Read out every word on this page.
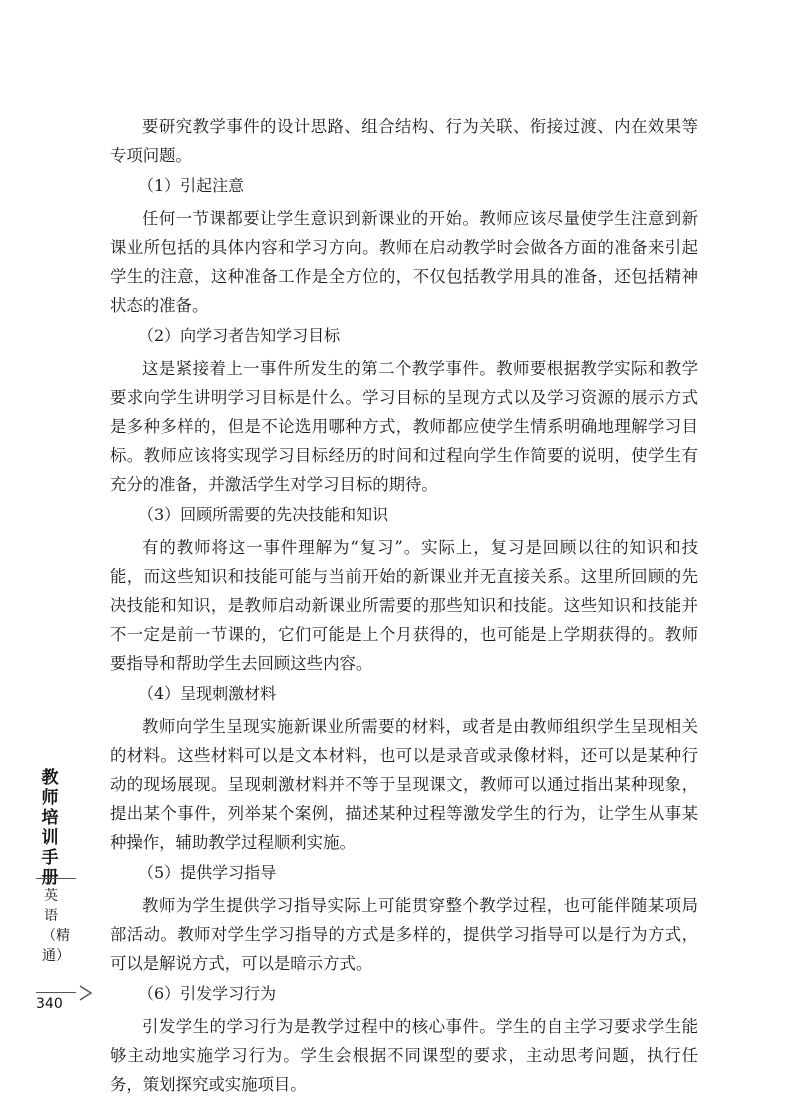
要研究教学事件的设计思路、组合结构、行为关联、衔接过渡、内在效果等专项问题。

（1）引起注意

任何一节课都要让学生意识到新课业的开始。教师应该尽量使学生注意到新课业所包括的具体内容和学习方向。教师在启动教学时会做各方面的准备来引起学生的注意，这种准备工作是全方位的，不仅包括教学用具的准备，还包括精神状态的准备。

（2）向学习者告知学习目标

这是紧接着上一事件所发生的第二个教学事件。教师要根据教学实际和教学要求向学生讲明学习目标是什么。学习目标的呈现方式以及学习资源的展示方式是多种多样的，但是不论选用哪种方式，教师都应使学生情系明确地理解学习目标。教师应该将实现学习目标经历的时间和过程向学生作简要的说明，使学生有充分的准备，并激活学生对学习目标的期待。

（3）回顾所需要的先决技能和知识

有的教师将这一事件理解为“复习”。实际上，复习是回顾以往的知识和技能，而这些知识和技能可能与当前开始的新课业并无直接关系。这里所回顾的先决技能和知识，是教师启动新课业所需要的那些知识和技能。这些知识和技能并不一定是前一节课的，它们可能是上个月获得的，也可能是上学期获得的。教师要指导和帮助学生去回顾这些内容。

（4）呈现刺激材料

教师向学生呈现实施新课业所需要的材料，或者是由教师组织学生呈现相关的材料。这些材料可以是文本材料，也可以是录音或录像材料，还可以是某种行动的现场展现。呈现刺激材料并不等于呈现课文，教师可以通过指出某种现象，提出某个事件，列举某个案例，描述某种过程等激发学生的行为，让学生从事某种操作，辅助教学过程顺利实施。

（5）提供学习指导

教师为学生提供学习指导实际上可能贯穿整个教学过程，也可能伴随某项局部活动。教师对学生学习指导的方式是多样的，提供学习指导可以是行为方式，可以是解说方式，可以是暗示方式。

（6）引发学习行为

引发学生的学习行为是教学过程中的核心事件。学生的自主学习要求学生能够主动地实施学习行为。学生会根据不同课型的要求，主动思考问题，执行任务，策划探究或实施项目。

教师培训手册
英语（精通）
340
